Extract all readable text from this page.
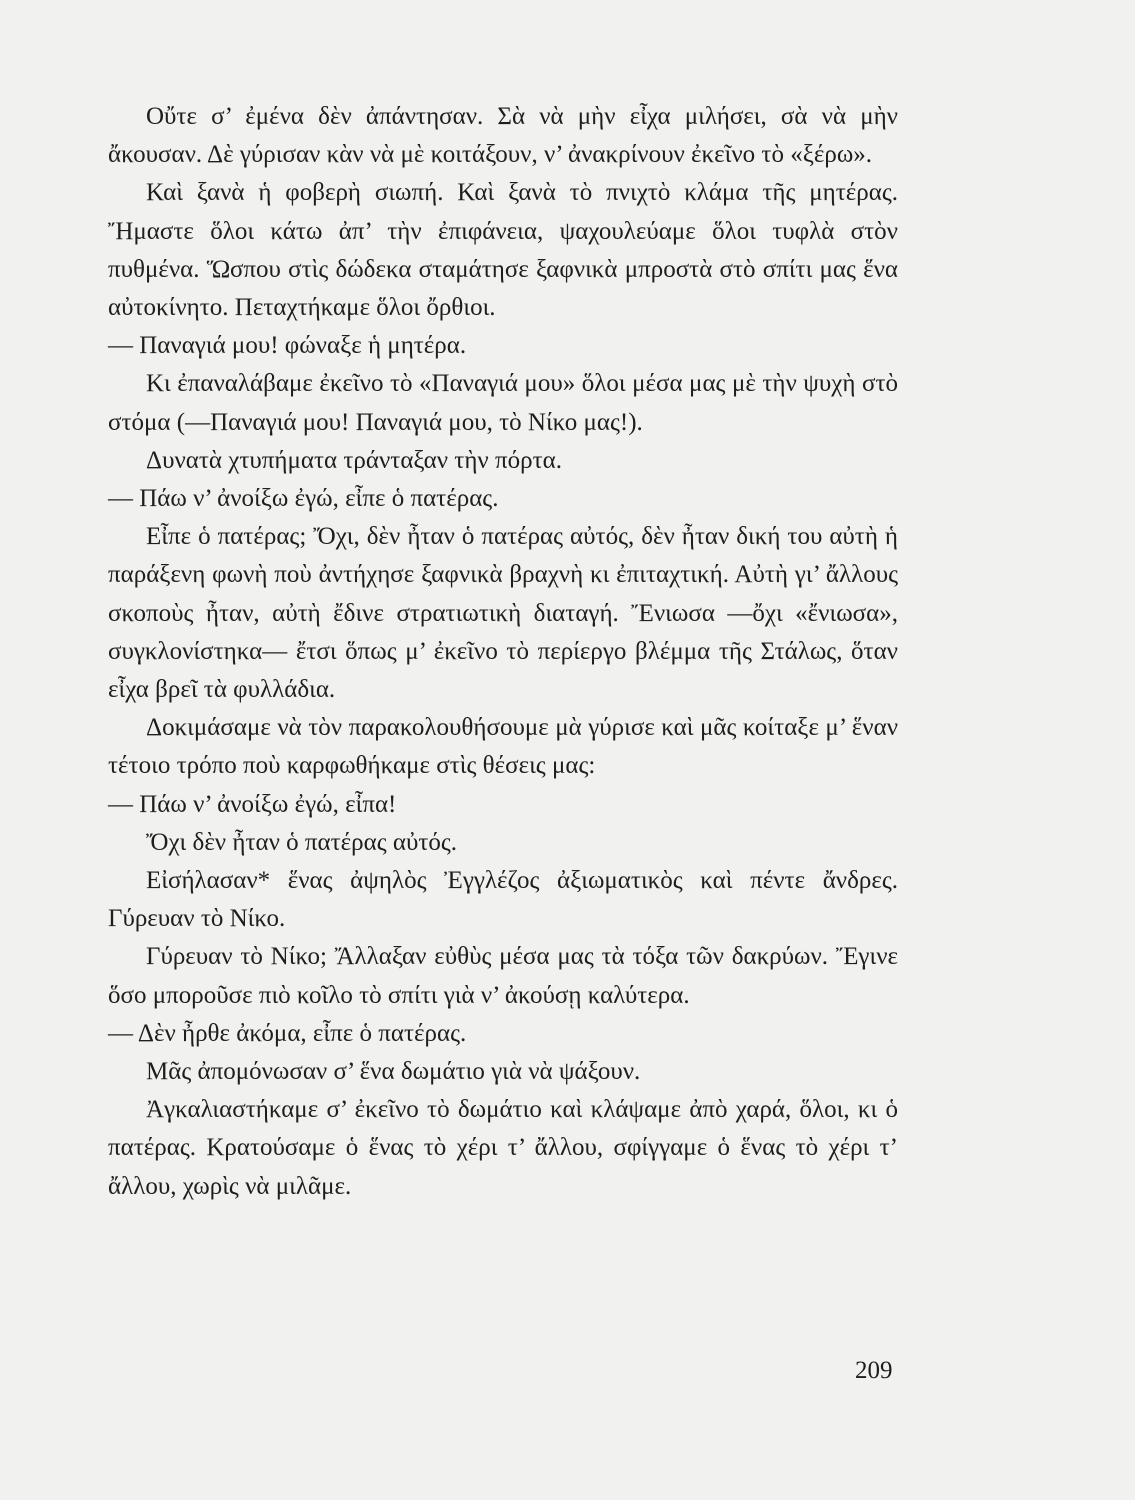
Οὔτε σ’ ἐμένα δὲν ἀπάντησαν. Σὰ νὰ μὴν εἶχα μιλήσει, σὰ νὰ μὴν ἄκουσαν. Δὲ γύρισαν κὰν νὰ μὲ κοιτάξουν, ν’ ἀνακρίνουν ἐκεῖνο τὸ «ξέρω».

Καὶ ξανὰ ἡ φοβερὴ σιωπή. Καὶ ξανὰ τὸ πνιχτὸ κλάμα τῆς μητέρας. Ἤμαστε ὅλοι κάτω ἀπ’ τὴν ἐπιφάνεια, ψαχουλεύαμε ὅλοι τυφλὰ στὸν πυθμένα. Ὥσπου στὶς δώδεκα σταμάτησε ξαφνικὰ μπροστὰ στὸ σπίτι μας ἕνα αὐτοκίνητο. Πεταχτήκαμε ὅλοι ὄρθιοι.

— Παναγιά μου! φώναξε ἡ μητέρα.

Κι ἐπαναλάβαμε ἐκεῖνο τὸ «Παναγιά μου» ὅλοι μέσα μας μὲ τὴν ψυχὴ στὸ στόμα (—Παναγιά μου! Παναγιά μου, τὸ Νίκο μας!).

Δυνατὰ χτυπήματα τράνταξαν τὴν πόρτα.

— Πάω ν’ ἀνοίξω ἐγώ, εἶπε ὁ πατέρας.

Εἶπε ὁ πατέρας; Ὄχι, δὲν ἦταν ὁ πατέρας αὐτός, δὲν ἦταν δική του αὐτὴ ἡ παράξενη φωνὴ ποὺ ἀντήχησε ξαφνικὰ βραχνὴ κι ἐπιταχτική. Αὐτὴ γι’ ἄλλους σκοποὺς ἦταν, αὐτὴ ἔδινε στρατιωτικὴ διαταγή. Ἔνιωσα —ὄχι «ἔνιωσα», συγκλονίστηκα— ἔτσι ὅπως μ’ ἐκεῖνο τὸ περίεργο βλέμμα τῆς Στάλως, ὅταν εἶχα βρεῖ τὰ φυλλάδια.

Δοκιμάσαμε νὰ τὸν παρακολουθήσουμε μὰ γύρισε καὶ μᾶς κοίταξε μ’ ἕναν τέτοιο τρόπο ποὺ καρφωθήκαμε στὶς θέσεις μας:

— Πάω ν’ ἀνοίξω ἐγώ, εἶπα!

Ὄχι δὲν ἦταν ὁ πατέρας αὐτός.

Εἰσήλασαν* ἕνας ἀψηλὸς Ἐγγλέζος ἀξιωματικὸς καὶ πέντε ἄνδρες. Γύρευαν τὸ Νίκο.

Γύρευαν τὸ Νίκο; Ἄλλαξαν εὐθὺς μέσα μας τὰ τόξα τῶν δακρύων. Ἔγινε ὅσο μποροῦσε πιὸ κοῖλο τὸ σπίτι γιὰ ν’ ἀκούσῃ καλύτερα.

— Δὲν ἦρθε ἀκόμα, εἶπε ὁ πατέρας.

Μᾶς ἀπομόνωσαν σ’ ἕνα δωμάτιο γιὰ νὰ ψάξουν.

Ἀγκαλιαστήκαμε σ’ ἐκεῖνο τὸ δωμάτιο καὶ κλάψαμε ἀπὸ χαρά, ὅλοι, κι ὁ πατέρας. Κρατούσαμε ὁ ἕνας τὸ χέρι τ’ ἄλλου, σφίγγαμε ὁ ἕνας τὸ χέρι τ’ ἄλλου, χωρὶς νὰ μιλᾶμε.

209
